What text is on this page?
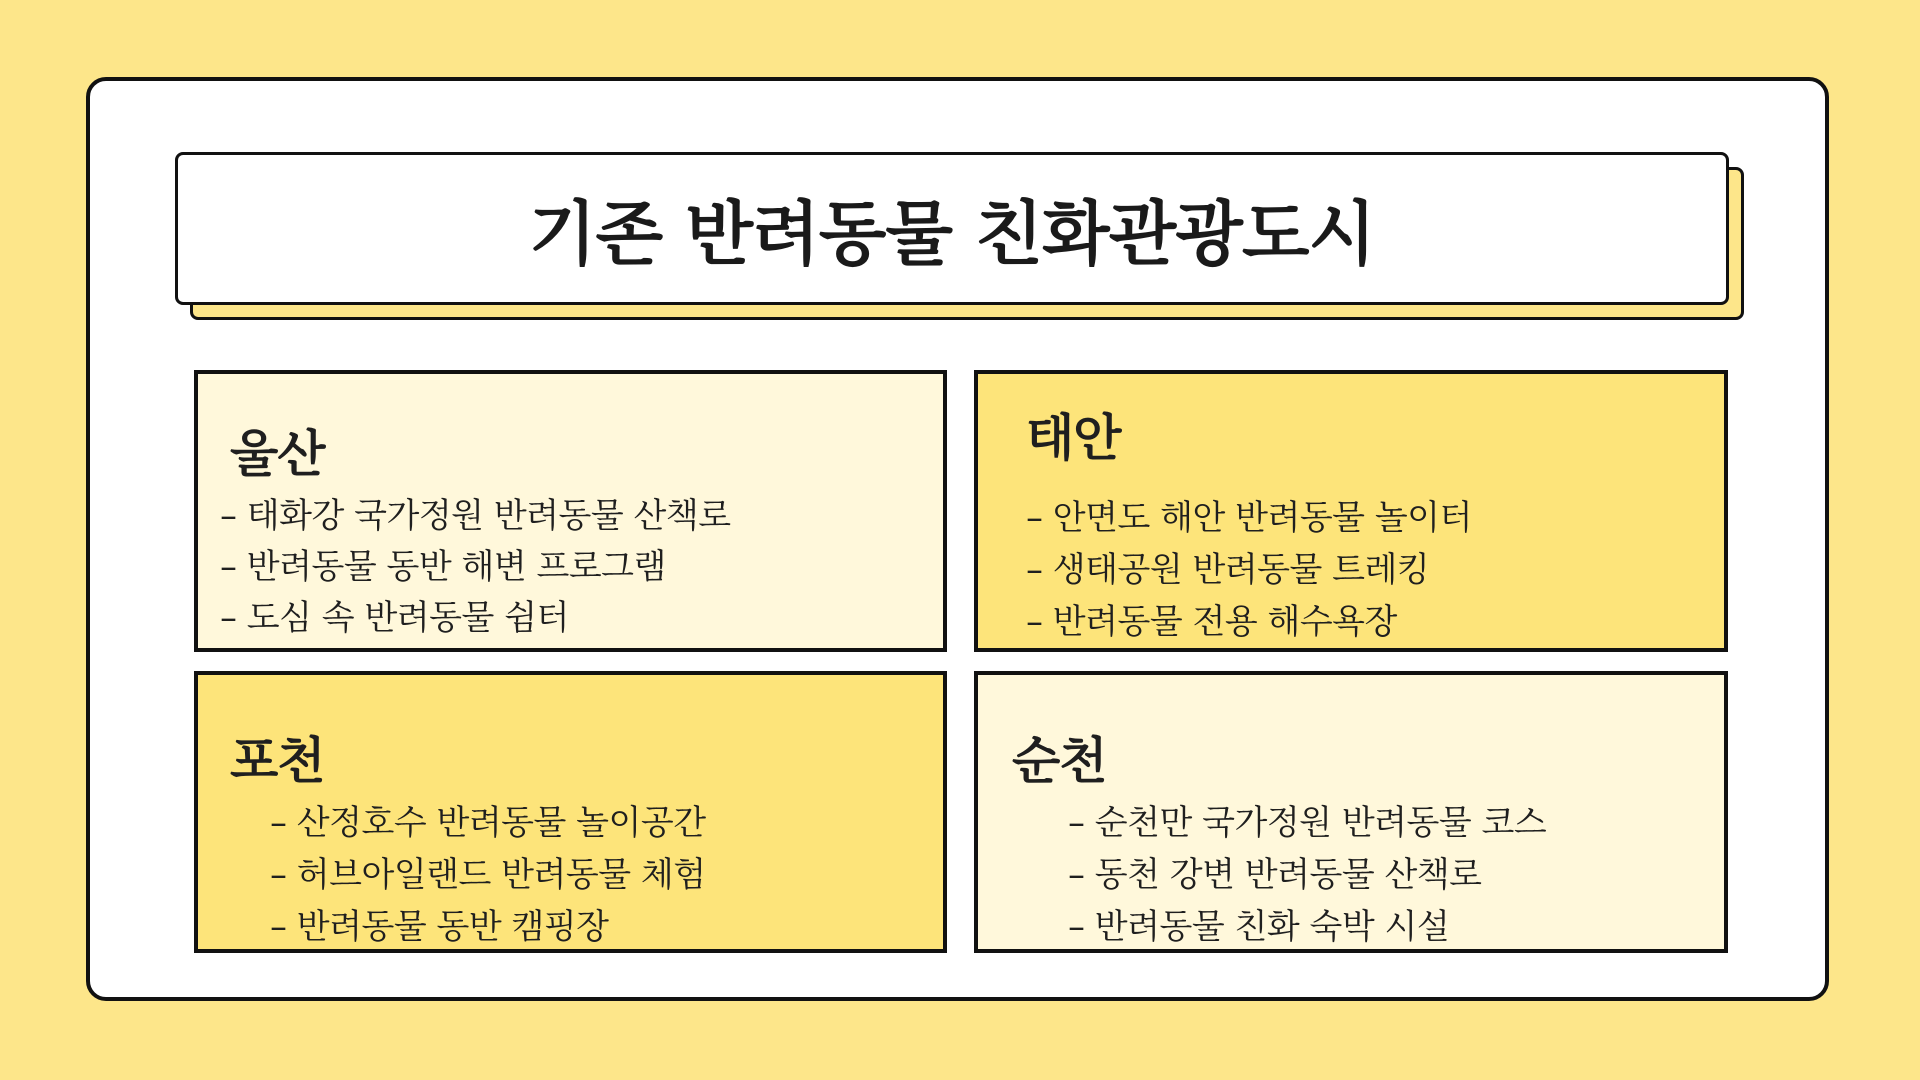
기존 반려동물 친화관광도시
울산
– 태화강 국가정원 반려동물 산책로
– 반려동물 동반 해변 프로그램
– 도심 속 반려동물 쉼터
태안
– 안면도 해안 반려동물 놀이터
– 생태공원 반려동물 트레킹
– 반려동물 전용 해수욕장
포천
– 산정호수 반려동물 놀이공간
– 허브아일랜드 반려동물 체험
– 반려동물 동반 캠핑장
순천
– 순천만 국가정원 반려동물 코스
– 동천 강변 반려동물 산책로
– 반려동물 친화 숙박 시설
